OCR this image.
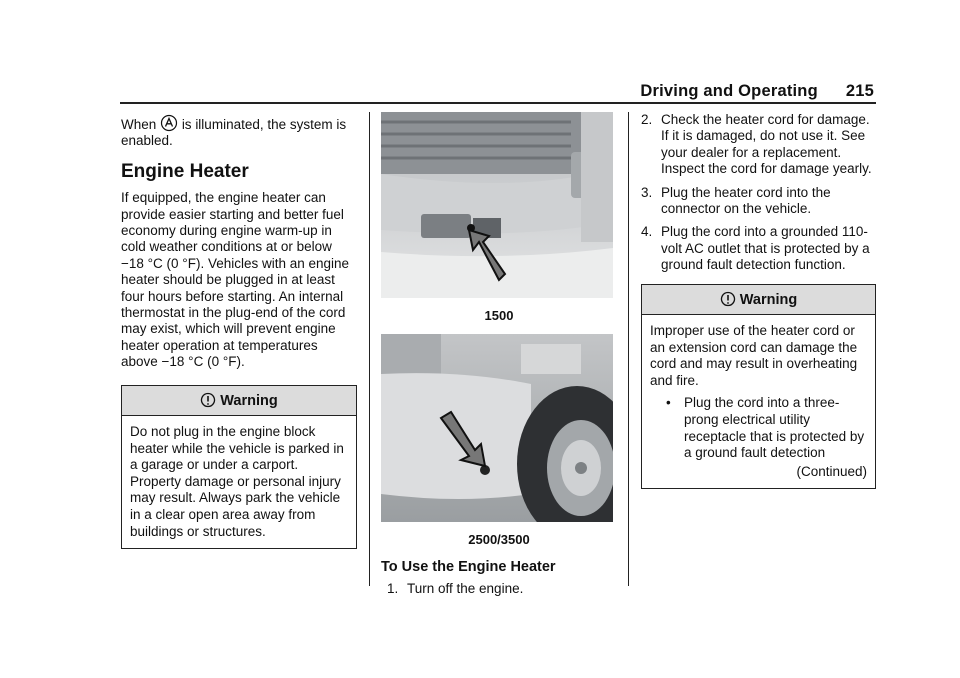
Driving and Operating 215

When is illuminated, the system is enabled.

Engine Heater

If equipped, the engine heater can provide easier starting and better fuel economy during engine warm-up in cold weather conditions at or below −18 °C (0 °F). Vehicles with an engine heater should be plugged in at least four hours before starting. An internal thermostat in the plug-end of the cord may exist, which will prevent engine heater operation at temperatures above −18 °C (0 °F).

Warning
Do not plug in the engine block heater while the vehicle is parked in a garage or under a carport. Property damage or personal injury may result. Always park the vehicle in a clear open area away from buildings or structures.
1500
2500/3500
To Use the Engine Heater
1. Turn off the engine.
2. Check the heater cord for damage. If it is damaged, do not use it. See your dealer for a replacement. Inspect the cord for damage yearly.
3. Plug the heater cord into the connector on the vehicle.
4. Plug the cord into a grounded 110-volt AC outlet that is protected by a ground fault detection function.
Warning
Improper use of the heater cord or an extension cord can damage the cord and may result in overheating and fire.
• Plug the cord into a three-prong electrical utility receptacle that is protected by a ground fault detection
(Continued)
